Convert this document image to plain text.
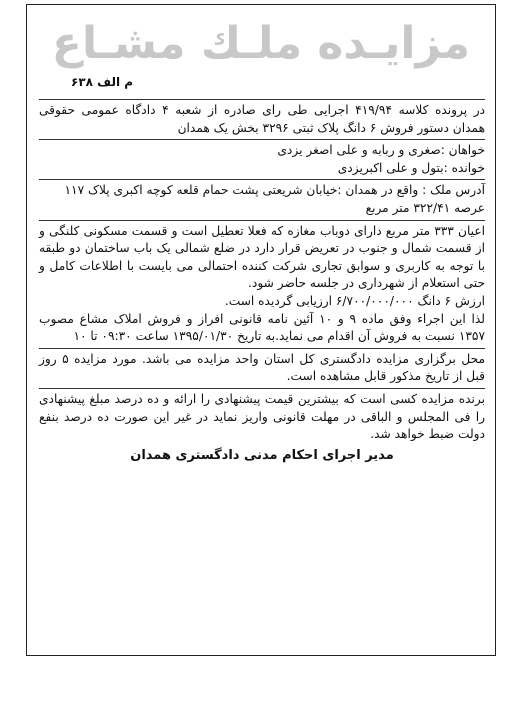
مزایـده ملـك مشـاع
م الف ۶۳۸

در پرونده کلاسه ۴۱۹/۹۴ اجرایی طی رای صادره از شعبه ۴ دادگاه عمومی حقوقی همدان دستور فروش ۶ دانگ پلاک ثبتی ۳۲۹۶ بخش یک همدان

خواهان :صغری و ربابه و علی اصغر یزدی

خوانده :بتول و علی اکبریزدی

آدرس ملک : واقع در همدان :خیابان شریعتی پشت حمام قلعه کوچه اکبری پلاک ۱۱۷

عرصه ۳۲۲/۴۱ متر مربع

اعیان ۳۳۳ متر مربع دارای دوباب مغازه که فعلا تعطیل است و قسمت مسکونی کلنگی و از قسمت شمال و جنوب در تعریض قرار دارد در ضلع شمالی یک باب ساختمان دو طبقه با توجه به کاربری و سوابق تجاری شرکت کننده احتمالی می بایست با اطلاعات کامل و حتی استعلام از شهرداری در جلسه حاضر شود.

ارزش ۶ دانگ ۶/۷۰۰/۰۰۰/۰۰۰ ارزیابی گردیده است.

لذا این اجراء وفق ماده ۹ و ۱۰ آئین نامه قانونی افراز و فروش املاک مشاع مصوب ۱۳۵۷ نسبت به فروش آن اقدام می نماید.به تاریخ ۱۳۹۵/۰۱/۳۰ ساعت ۰۹:۳۰ تا ۱۰

محل برگزاری مزایده دادگستری کل استان واحد مزایده می باشد. مورد مزایده ۵ روز قبل از تاریخ مذکور قابل مشاهده است.

برنده مزایده کسی است که بیشترین قیمت پیشنهادی را ارائه و ده درصد مبلغ پیشنهادی را فی المجلس و الباقی در مهلت قانونی واریز نماید در غیر این صورت ده درصد بنفع دولت ضبط خواهد شد.

مدیر اجرای احکام مدنی دادگستری همدان
